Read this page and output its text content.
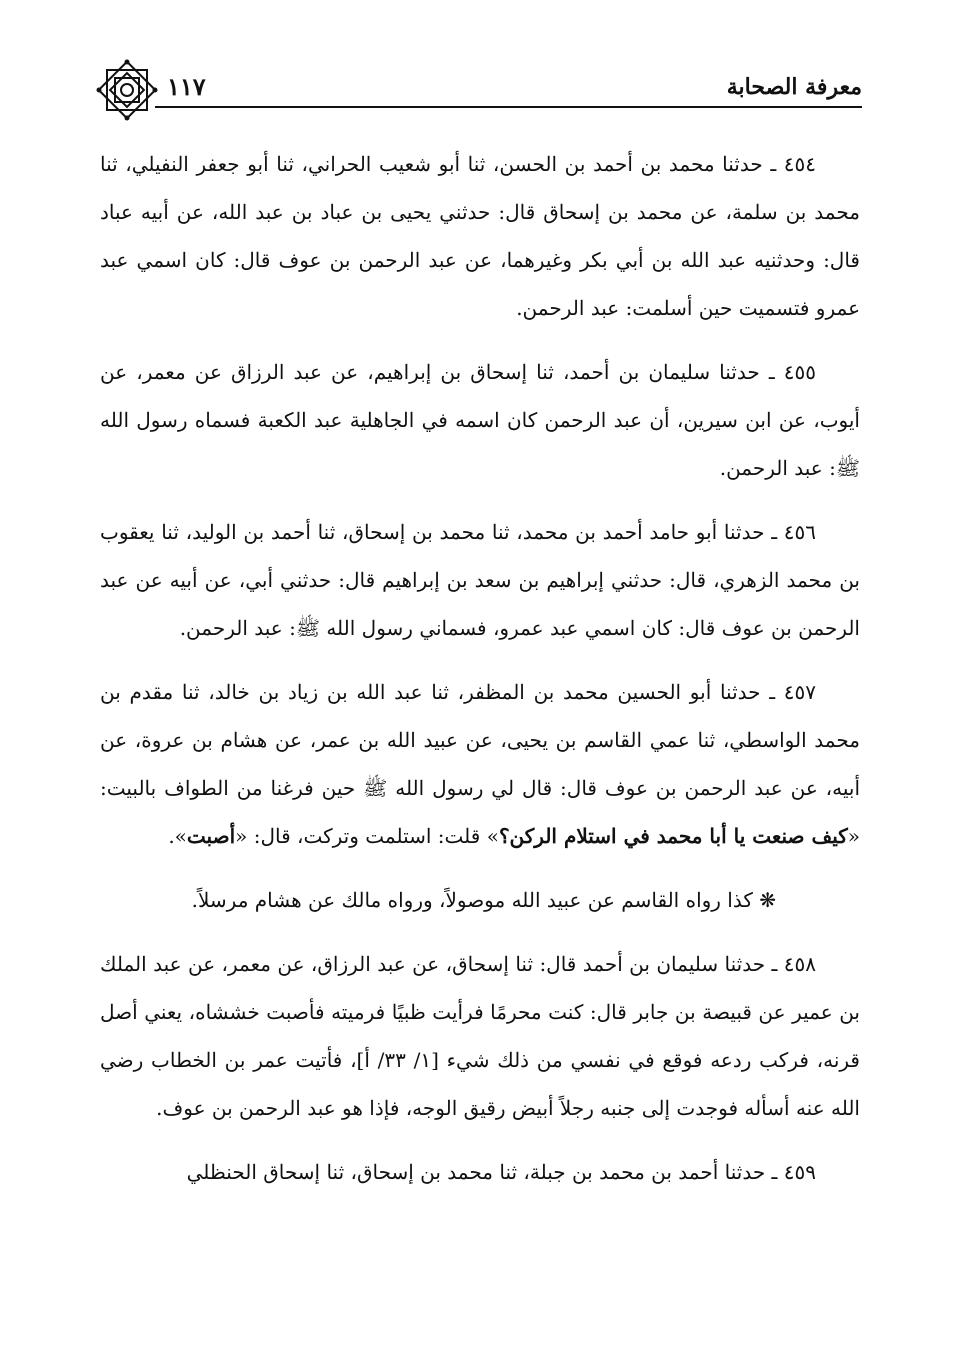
معرفة الصحابة
١١٧

٤٥٤ ـ حدثنا محمد بن أحمد بن الحسن، ثنا أبو شعيب الحراني، ثنا أبو جعفر النفيلي، ثنا محمد بن سلمة، عن محمد بن إسحاق قال: حدثني يحيى بن عباد بن عبد الله، عن أبيه عباد قال: وحدثنيه عبد الله بن أبي بكر وغيرهما، عن عبد الرحمن بن عوف قال: كان اسمي عبد عمرو فتسميت حين أسلمت: عبد الرحمن.

٤٥٥ ـ حدثنا سليمان بن أحمد، ثنا إسحاق بن إبراهيم، عن عبد الرزاق عن معمر، عن أيوب، عن ابن سيرين، أن عبد الرحمن كان اسمه في الجاهلية عبد الكعبة فسماه رسول الله ﷺ: عبد الرحمن.

٤٥٦ ـ حدثنا أبو حامد أحمد بن محمد، ثنا محمد بن إسحاق، ثنا أحمد بن الوليد، ثنا يعقوب بن محمد الزهري، قال: حدثني إبراهيم بن سعد بن إبراهيم قال: حدثني أبي، عن أبيه عن عبد الرحمن بن عوف قال: كان اسمي عبد عمرو، فسماني رسول الله ﷺ: عبد الرحمن.

٤٥٧ ـ حدثنا أبو الحسين محمد بن المظفر، ثنا عبد الله بن زياد بن خالد، ثنا مقدم بن محمد الواسطي، ثنا عمي القاسم بن يحيى، عن عبيد الله بن عمر، عن هشام بن عروة، عن أبيه، عن عبد الرحمن بن عوف قال: قال لي رسول الله ﷺ حين فرغنا من الطواف بالبيت: «كيف صنعت يا أبا محمد في استلام الركن؟» قلت: استلمت وتركت، قال: «أصبت».

❋ كذا رواه القاسم عن عبيد الله موصولاً، ورواه مالك عن هشام مرسلاً.

٤٥٨ ـ حدثنا سليمان بن أحمد قال: ثنا إسحاق، عن عبد الرزاق، عن معمر، عن عبد الملك بن عمير عن قبيصة بن جابر قال: كنت محرمًا فرأيت ظبيًا فرميته فأصبت خششاه، يعني أصل قرنه، فركب ردعه فوقع في نفسي من ذلك شيء [١/ ٣٣/ أ]، فأتيت عمر بن الخطاب رضي الله عنه أسأله فوجدت إلى جنبه رجلاً أبيض رقيق الوجه، فإذا هو عبد الرحمن بن عوف.

٤٥٩ ـ حدثنا أحمد بن محمد بن جبلة، ثنا محمد بن إسحاق، ثنا إسحاق الحنظلي
